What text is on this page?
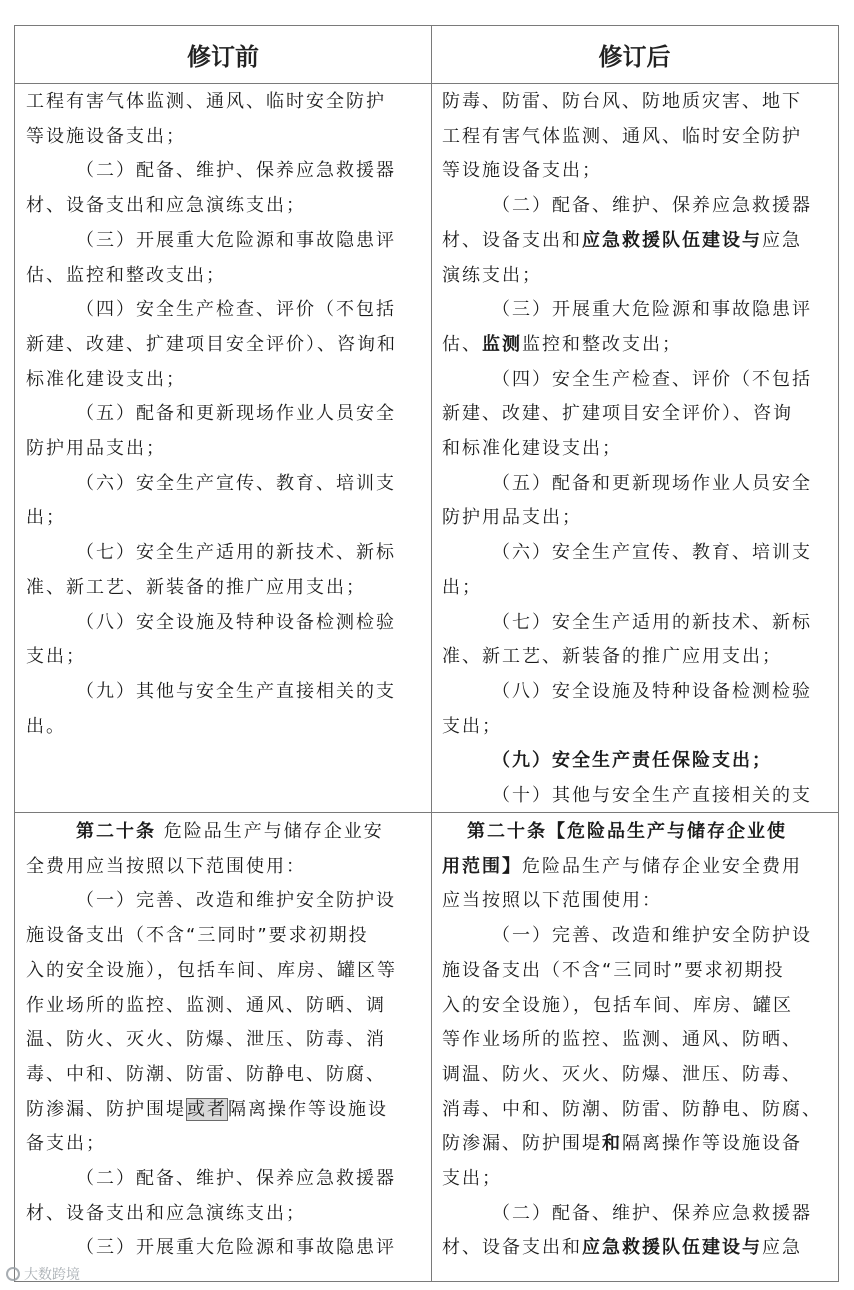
修订前	修订后

工程有害气体监测、通风、临时安全防护

等设施设备支出；

（二）配备、维护、保养应急救援器

材、设备支出和应急演练支出；

（三）开展重大危险源和事故隐患评

估、监控和整改支出；

（四）安全生产检查、评价（不包括

新建、改建、扩建项目安全评价）、咨询和

标准化建设支出；

（五）配备和更新现场作业人员安全

防护用品支出；

（六）安全生产宣传、教育、培训支

出；

（七）安全生产适用的新技术、新标

准、新工艺、新装备的推广应用支出；

（八）安全设施及特种设备检测检验

支出；

（九）其他与安全生产直接相关的支

出。

防毒、防雷、防台风、防地质灾害、地下

工程有害气体监测、通风、临时安全防护

等设施设备支出；

（二）配备、维护、保养应急救援器

材、设备支出和应急救援队伍建设与应急

演练支出；

（三）开展重大危险源和事故隐患评

估、监测监控和整改支出；

（四）安全生产检查、评价（不包括

新建、改建、扩建项目安全评价）、咨询

和标准化建设支出；

（五）配备和更新现场作业人员安全

防护用品支出；

（六）安全生产宣传、教育、培训支

出；

（七）安全生产适用的新技术、新标

准、新工艺、新装备的推广应用支出；

（八）安全设施及特种设备检测检验

支出；

（九）安全生产责任保险支出；

（十）其他与安全生产直接相关的支

第二十条 危险品生产与储存企业安

全费用应当按照以下范围使用：

（一）完善、改造和维护安全防护设

施设备支出（不含“三同时”要求初期投

入的安全设施），包括车间、库房、罐区等

作业场所的监控、监测、通风、防晒、调

温、防火、灭火、防爆、泄压、防毒、消

毒、中和、防潮、防雷、防静电、防腐、

防渗漏、防护围堤或者隔离操作等设施设

备支出；

（二）配备、维护、保养应急救援器

材、设备支出和应急演练支出；

（三）开展重大危险源和事故隐患评

第二十条【危险品生产与储存企业使

用范围】危险品生产与储存企业安全费用

应当按照以下范围使用：

（一）完善、改造和维护安全防护设

施设备支出（不含“三同时”要求初期投

入的安全设施），包括车间、库房、罐区

等作业场所的监控、监测、通风、防晒、

调温、防火、灭火、防爆、泄压、防毒、

消毒、中和、防潮、防雷、防静电、防腐、

防渗漏、防护围堤和隔离操作等设施设备

支出；

（二）配备、维护、保养应急救援器

材、设备支出和应急救援队伍建设与应急

大数跨境
